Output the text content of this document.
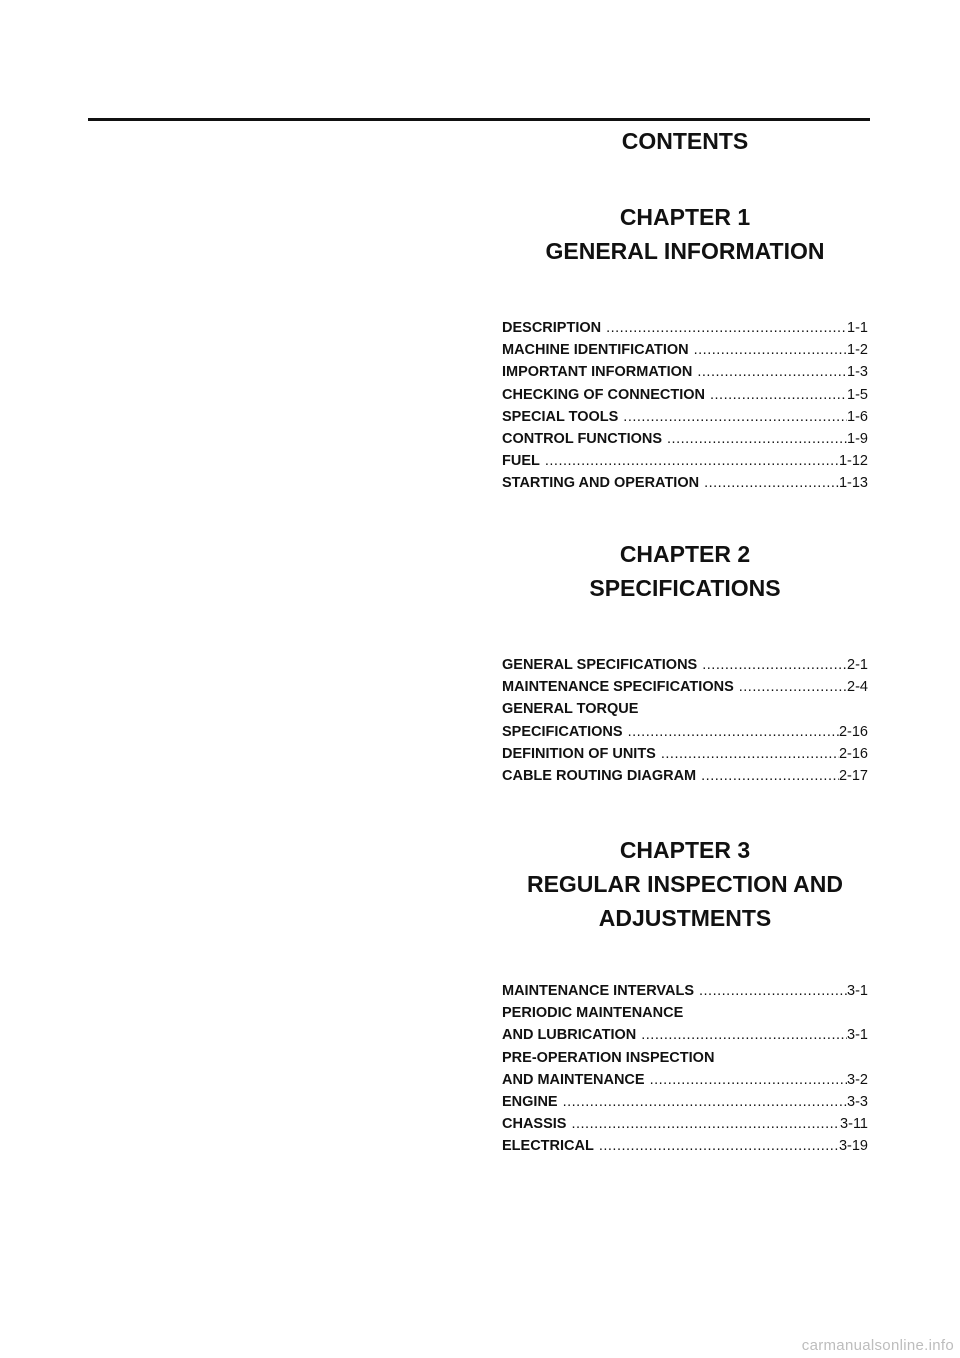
CONTENTS
CHAPTER 1
GENERAL INFORMATION
DESCRIPTION .....	1-1
MACHINE IDENTIFICATION .....	1-2
IMPORTANT INFORMATION .....	1-3
CHECKING OF CONNECTION .....	1-5
SPECIAL TOOLS .....	1-6
CONTROL FUNCTIONS .....	1-9
FUEL .....	1-12
STARTING AND OPERATION .....	1-13
CHAPTER 2
SPECIFICATIONS
GENERAL SPECIFICATIONS .....	2-1
MAINTENANCE SPECIFICATIONS .....	2-4
GENERAL TORQUE
SPECIFICATIONS .....	2-16
DEFINITION OF UNITS .....	2-16
CABLE ROUTING DIAGRAM .....	2-17
CHAPTER 3
REGULAR INSPECTION AND
ADJUSTMENTS
MAINTENANCE INTERVALS .....	3-1
PERIODIC MAINTENANCE
AND LUBRICATION .....	3-1
PRE-OPERATION INSPECTION
AND MAINTENANCE .....	3-2
ENGINE .....	3-3
CHASSIS .....	3-11
ELECTRICAL .....	3-19
carmanualsonline.info
